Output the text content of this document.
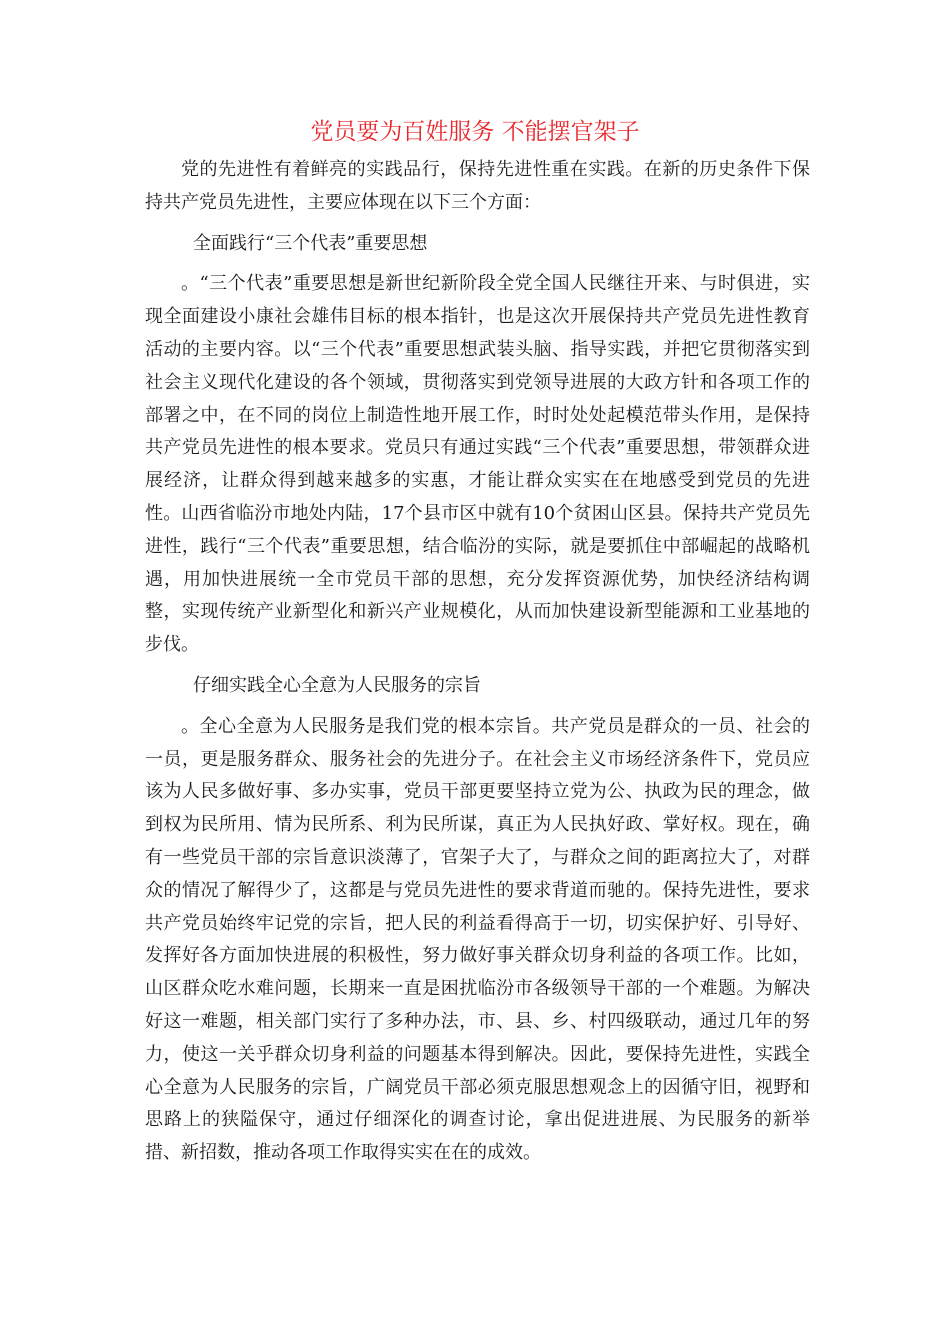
党员要为百姓服务 不能摆官架子

党的先进性有着鲜亮的实践品行，保持先进性重在实践。在新的历史条件下保持共产党员先进性，主要应体现在以下三个方面：

全面践行“三个代表”重要思想

。“三个代表”重要思想是新世纪新阶段全党全国人民继往开来、与时俱进，实现全面建设小康社会雄伟目标的根本指针，也是这次开展保持共产党员先进性教育活动的主要内容。以“三个代表”重要思想武装头脑、指导实践，并把它贯彻落实到社会主义现代化建设的各个领域，贯彻落实到党领导进展的大政方针和各项工作的部署之中，在不同的岗位上制造性地开展工作，时时处处起模范带头作用，是保持共产党员先进性的根本要求。党员只有通过实践“三个代表”重要思想，带领群众进展经济，让群众得到越来越多的实惠，才能让群众实实在在地感受到党员的先进性。山西省临汾市地处内陆，17个县市区中就有10个贫困山区县。保持共产党员先进性，践行“三个代表”重要思想，结合临汾的实际，就是要抓住中部崛起的战略机遇，用加快进展统一全市党员干部的思想，充分发挥资源优势，加快经济结构调整，实现传统产业新型化和新兴产业规模化，从而加快建设新型能源和工业基地的步伐。

仔细实践全心全意为人民服务的宗旨

。全心全意为人民服务是我们党的根本宗旨。共产党员是群众的一员、社会的一员，更是服务群众、服务社会的先进分子。在社会主义市场经济条件下，党员应该为人民多做好事、多办实事，党员干部更要坚持立党为公、执政为民的理念，做到权为民所用、情为民所系、利为民所谋，真正为人民执好政、掌好权。现在，确有一些党员干部的宗旨意识淡薄了，官架子大了，与群众之间的距离拉大了，对群众的情况了解得少了，这都是与党员先进性的要求背道而驰的。保持先进性，要求共产党员始终牢记党的宗旨，把人民的利益看得高于一切，切实保护好、引导好、发挥好各方面加快进展的积极性，努力做好事关群众切身利益的各项工作。比如，山区群众吃水难问题，长期来一直是困扰临汾市各级领导干部的一个难题。为解决好这一难题，相关部门实行了多种办法，市、县、乡、村四级联动，通过几年的努力，使这一关乎群众切身利益的问题基本得到解决。因此，要保持先进性，实践全心全意为人民服务的宗旨，广阔党员干部必须克服思想观念上的因循守旧，视野和思路上的狭隘保守，通过仔细深化的调查讨论，拿出促进进展、为民服务的新举措、新招数，推动各项工作取得实实在在的成效。
